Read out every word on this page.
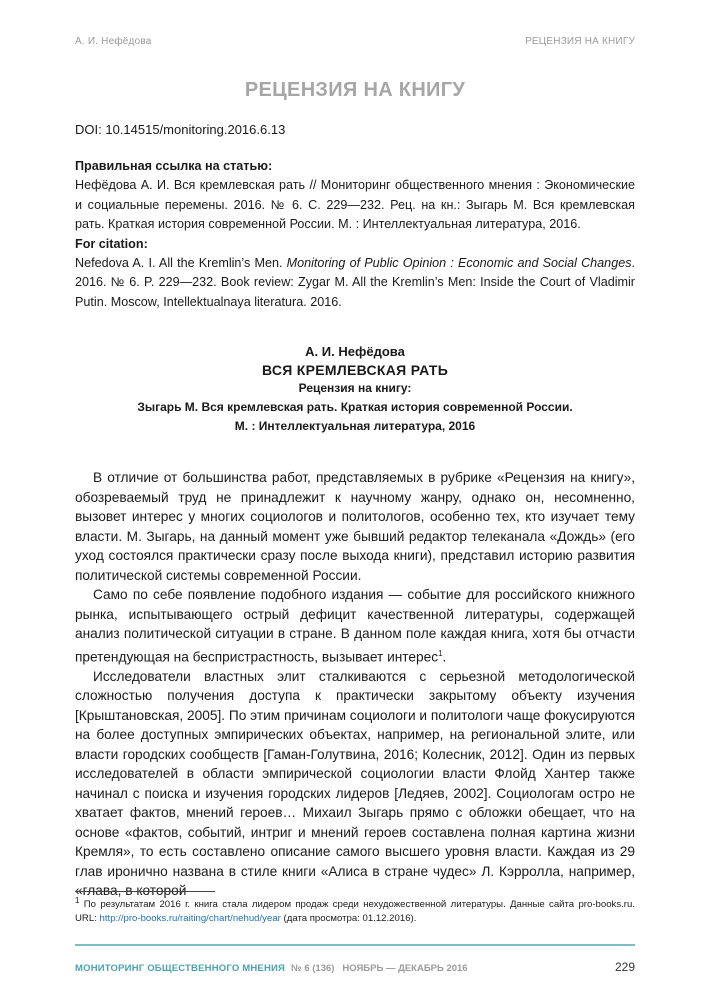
А. И. Нефёдова	РЕЦЕНЗИЯ НА КНИГУ
РЕЦЕНЗИЯ НА КНИГУ
DOI: 10.14515/monitoring.2016.6.13
Правильная ссылка на статью:
Нефёдова А. И. Вся кремлевская рать // Мониторинг общественного мнения : Экономические и социальные перемены. 2016. № 6. С. 229—232. Рец. на кн.: Зыгарь М. Вся кремлевская рать. Краткая история современной России. М. : Интеллектуальная литература, 2016.
For citation:
Nefedova A. I. All the Kremlin’s Men. Monitoring of Public Opinion : Economic and Social Changes. 2016. № 6. P. 229—232. Book review: Zygar M. All the Kremlin’s Men: Inside the Court of Vladimir Putin. Moscow, Intellektualnaya literatura. 2016.
А. И. Нефёдова
ВСЯ КРЕМЛЕВСКАЯ РАТЬ
Рецензия на книгу:
Зыгарь М. Вся кремлевская рать. Краткая история современной России.
М. : Интеллектуальная литература, 2016

В отличие от большинства работ, представляемых в рубрике «Рецензия на книгу», обозреваемый труд не принадлежит к научному жанру, однако он, несомненно, вызовет интерес у многих социологов и политологов, особенно тех, кто изучает тему власти. М. Зыгарь, на данный момент уже бывший редактор телеканала «Дождь» (его уход состоялся практически сразу после выхода книги), представил историю развития политической системы современной России.

Само по себе появление подобного издания — событие для российского книжного рынка, испытывающего острый дефицит качественной литературы, содержащей анализ политической ситуации в стране. В данном поле каждая книга, хотя бы отчасти претендующая на беспристрастность, вызывает интерес$^1$.

Исследователи властных элит сталкиваются с серьезной методологической сложностью получения доступа к практически закрытому объекту изучения [Крыштановская, 2005]. По этим причинам социологи и политологи чаще фокусируются на более доступных эмпирических объектах, например, на региональной элите, или власти городских сообществ [Гаман-Голутвина, 2016; Колесник, 2012]. Один из первых исследователей в области эмпирической социологии власти Флойд Хантер также начинал с поиска и изучения городских лидеров [Ледяев, 2002]. Социологам остро не хватает фактов, мнений героев… Михаил Зыгарь прямо с обложки обещает, что на основе «фактов, событий, интриг и мнений героев составлена полная картина жизни Кремля», то есть составлено описание самого высшего уровня власти. Каждая из 29 глав иронично названа в стиле книги «Алиса в стране чудес» Л. Кэрролла, например, «глава, в которой

$^1$ По результатам 2016 г. книга стала лидером продаж среди нехудожественной литературы. Данные сайта pro-books.ru. URL: http://pro-books.ru/raiting/chart/nehud/year (дата просмотра: 01.12.2016).
МОНИТОРИНГ ОБЩЕСТВЕННОГО МНЕНИЯ № 6 (136)   НОЯБРЬ — ДЕКАБРЬ 2016	229
